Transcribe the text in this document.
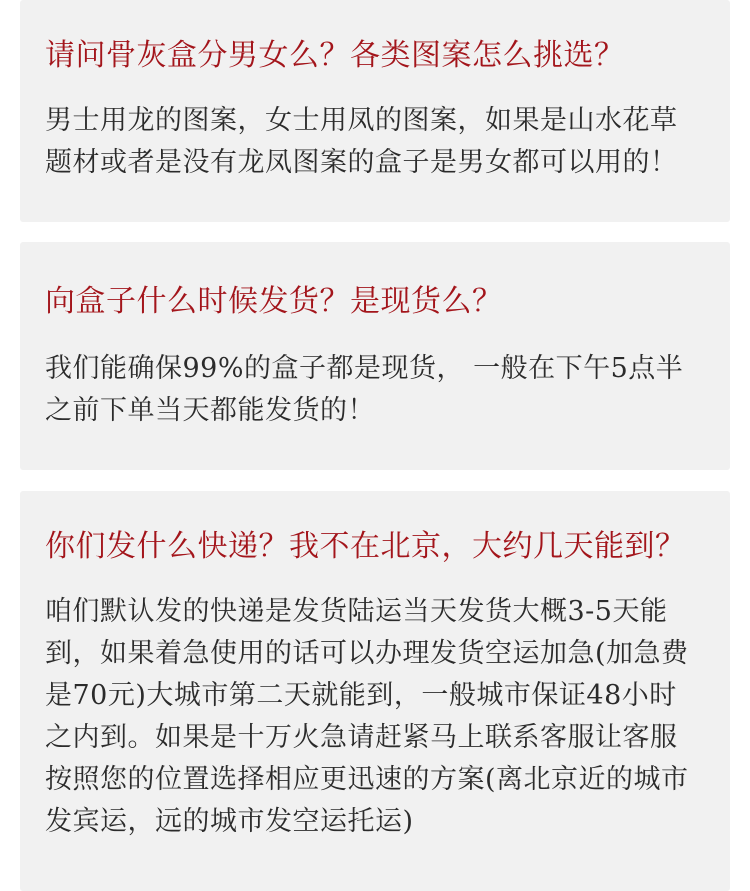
请问骨灰盒分男女么？各类图案怎么挑选？

男士用龙的图案，女士用凤的图案，如果是山水花草题材或者是没有龙凤图案的盒子是男女都可以用的！

向盒子什么时候发货？是现货么？

我们能确保99%的盒子都是现货， 一般在下午5点半之前下单当天都能发货的！

你们发什么快递？我不在北京，大约几天能到？

咱们默认发的快递是发货陆运当天发货大概3-5天能到，如果着急使用的话可以办理发货空运加急(加急费是70元)大城市第二天就能到，一般城市保证48小时之内到。如果是十万火急请赶紧马上联系客服让客服按照您的位置选择相应更迅速的方案(离北京近的城市发宾运，远的城市发空运托运)
